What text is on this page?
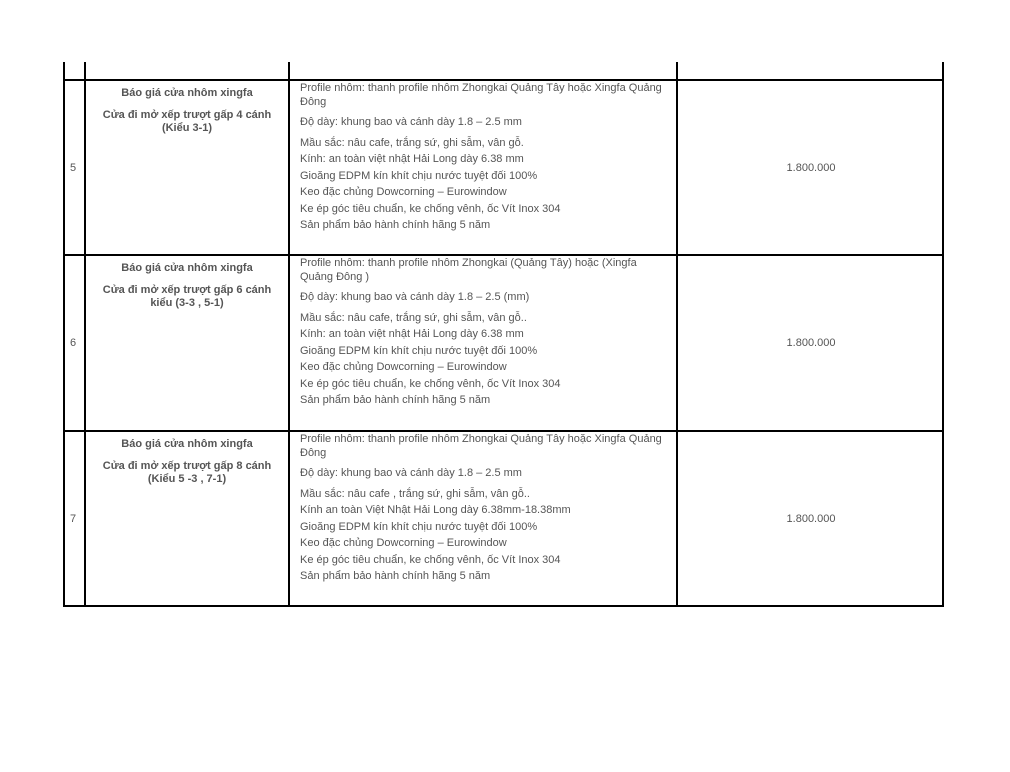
5
Báo giá cửa nhôm xingfa
Cửa đi mở xếp trượt gấp 4 cánh (Kiểu 3-1)
Profile nhôm: thanh profile nhôm Zhongkai Quảng Tây hoặc Xingfa Quảng Đông
Độ dày: khung bao và cánh dày 1.8 – 2.5 mm
Mầu sắc: nâu cafe, trắng sứ, ghi sẫm, vân gỗ.
Kính: an toàn việt nhật Hải Long dày 6.38 mm
Gioăng EDPM kín khít chịu nước tuyệt đối 100%
Keo đặc chủng Dowcorning – Eurowindow
Ke ép góc tiêu chuẩn, ke chống vênh, ốc Vít Inox 304
Sản phẩm bảo hành chính hãng 5 năm
1.800.000
6
Báo giá cửa nhôm xingfa
Cửa đi mở xếp trượt gấp 6 cánh kiểu (3-3 , 5-1)
Profile nhôm: thanh profile nhôm Zhongkai (Quảng Tây) hoặc (Xingfa Quảng Đông )
Độ dày: khung bao và cánh dày 1.8 – 2.5 (mm)
Mầu sắc: nâu cafe, trắng sứ, ghi sẫm, vân gỗ..
Kính: an toàn việt nhật Hải Long dày 6.38 mm
Gioăng EDPM kín khít chịu nước tuyệt đối 100%
Keo đặc chủng Dowcorning – Eurowindow
Ke ép góc tiêu chuẩn, ke chống vênh, ốc Vít Inox 304
Sản phẩm bảo hành chính hãng 5 năm
1.800.000
7
Báo giá cửa nhôm xingfa
Cửa đi mở xếp trượt gấp 8 cánh (Kiểu 5 -3 , 7-1)
Profile nhôm: thanh profile nhôm Zhongkai Quảng Tây hoặc Xingfa Quảng Đông
Độ dày: khung bao và cánh dày 1.8 – 2.5 mm
Mầu sắc: nâu cafe , trắng sứ, ghi sẫm, vân gỗ..
Kính an toàn Việt Nhật Hải Long dày 6.38mm-18.38mm
Gioăng EDPM kín khít chịu nước tuyệt đối 100%
Keo đặc chủng Dowcorning – Eurowindow
Ke ép góc tiêu chuẩn, ke chống vênh, ốc Vít Inox 304
Sản phẩm bảo hành chính hãng 5 năm
1.800.000
